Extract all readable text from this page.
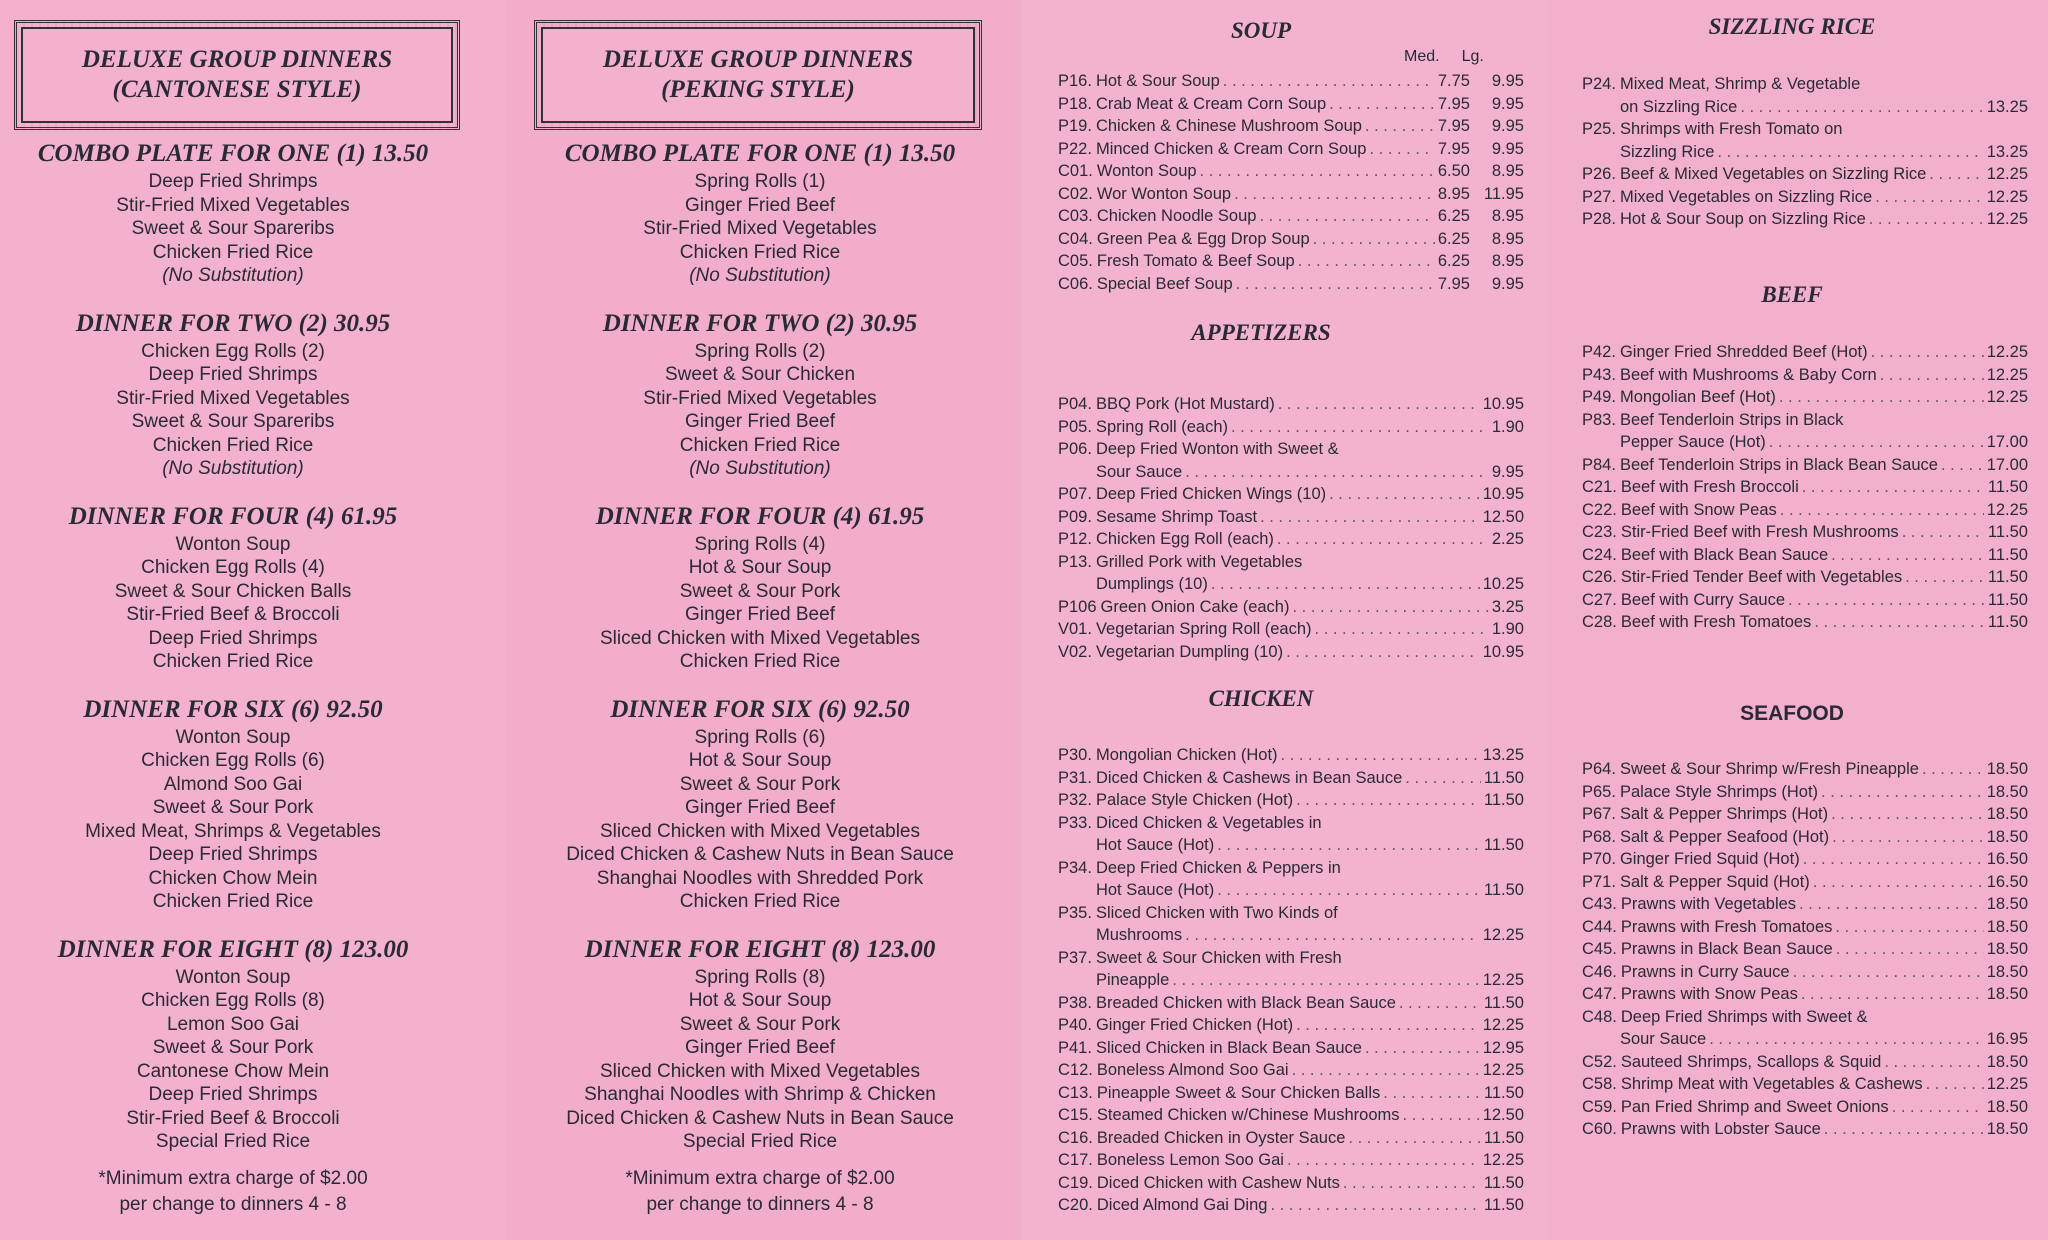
DELUXE GROUP DINNERS
(CANTONESE STYLE)
COMBO PLATE FOR ONE (1) 13.50
Deep Fried Shrimps
Stir-Fried Mixed Vegetables
Sweet & Sour Spareribs
Chicken Fried Rice
(No Substitution)
DINNER FOR TWO (2) 30.95
Chicken Egg Rolls (2)
Deep Fried Shrimps
Stir-Fried Mixed Vegetables
Sweet & Sour Spareribs
Chicken Fried Rice
(No Substitution)
DINNER FOR FOUR (4) 61.95
Wonton Soup
Chicken Egg Rolls (4)
Sweet & Sour Chicken Balls
Stir-Fried Beef & Broccoli
Deep Fried Shrimps
Chicken Fried Rice
DINNER FOR SIX (6) 92.50
Wonton Soup
Chicken Egg Rolls (6)
Almond Soo Gai
Sweet & Sour Pork
Mixed Meat, Shrimps & Vegetables
Deep Fried Shrimps
Chicken Chow Mein
Chicken Fried Rice
DINNER FOR EIGHT (8) 123.00
Wonton Soup
Chicken Egg Rolls (8)
Lemon Soo Gai
Sweet & Sour Pork
Cantonese Chow Mein
Deep Fried Shrimps
Stir-Fried Beef & Broccoli
Special Fried Rice
*Minimum extra charge of $2.00
per change to dinners 4 - 8
DELUXE GROUP DINNERS
(PEKING STYLE)
COMBO PLATE FOR ONE (1) 13.50
Spring Rolls (1)
Ginger Fried Beef
Stir-Fried Mixed Vegetables
Chicken Fried Rice
(No Substitution)
DINNER FOR TWO (2) 30.95
Spring Rolls (2)
Sweet & Sour Chicken
Stir-Fried Mixed Vegetables
Ginger Fried Beef
Chicken Fried Rice
(No Substitution)
DINNER FOR FOUR (4) 61.95
Spring Rolls (4)
Hot & Sour Soup
Sweet & Sour Pork
Ginger Fried Beef
Sliced Chicken with Mixed Vegetables
Chicken Fried Rice
DINNER FOR SIX (6) 92.50
Spring Rolls (6)
Hot & Sour Soup
Sweet & Sour Pork
Ginger Fried Beef
Sliced Chicken with Mixed Vegetables
Diced Chicken & Cashew Nuts in Bean Sauce
Shanghai Noodles with Shredded Pork
Chicken Fried Rice
DINNER FOR EIGHT (8) 123.00
Spring Rolls (8)
Hot & Sour Soup
Sweet & Sour Pork
Ginger Fried Beef
Sliced Chicken with Mixed Vegetables
Shanghai Noodles with Shrimp & Chicken
Diced Chicken & Cashew Nuts in Bean Sauce
Special Fried Rice
*Minimum extra charge of $2.00
per change to dinners 4 - 8
SOUP
Med. Lg.
P16. Hot & Sour Soup . . .	7.75	9.95
P18. Crab Meat & Cream Corn Soup . . .	7.95	9.95
P19. Chicken & Chinese Mushroom Soup . . .	7.95	9.95
P22. Minced Chicken & Cream Corn Soup . . .	7.95	9.95
C01. Wonton Soup . . .	6.50	8.95
C02. Wor Wonton Soup . . .	8.95 11.95
C03. Chicken Noodle Soup . . .	6.25	8.95
C04. Green Pea & Egg Drop Soup . . .	6.25	8.95
C05. Fresh Tomato & Beef Soup . . .	6.25	8.95
C06. Special Beef Soup . . .	7.95	9.95
APPETIZERS
P04. BBQ Pork (Hot Mustard) . . .	10.95
P05. Spring Roll (each) . . .	1.90
P06. Deep Fried Wonton with Sweet &
Sour Sauce . . .	9.95
P07. Deep Fried Chicken Wings (10) . . .	10.95
P09. Sesame Shrimp Toast . . .	12.50
P12. Chicken Egg Roll (each) . . .	2.25
P13. Grilled Pork with Vegetables
Dumplings (10) . . .	10.25
P106 Green Onion Cake (each) . . .	3.25
V01. Vegetarian Spring Roll (each) . . .	1.90
V02. Vegetarian Dumpling (10) . . .	10.95
CHICKEN
P30. Mongolian Chicken (Hot) . . .	13.25
P31. Diced Chicken & Cashews in Bean Sauce . . .	11.50
P32. Palace Style Chicken (Hot) . . .	11.50
P33. Diced Chicken & Vegetables in
Hot Sauce (Hot) . . .	11.50
P34. Deep Fried Chicken & Peppers in
Hot Sauce (Hot) . . .	11.50
P35. Sliced Chicken with Two Kinds of
Mushrooms . . .	12.25
P37. Sweet & Sour Chicken with Fresh
Pineapple . . .	12.25
P38. Breaded Chicken with Black Bean Sauce . . .	11.50
P40. Ginger Fried Chicken (Hot) . . .	12.25
P41. Sliced Chicken in Black Bean Sauce . . .	12.95
C12. Boneless Almond Soo Gai . . .	12.25
C13. Pineapple Sweet & Sour Chicken Balls . . .	11.50
C15. Steamed Chicken w/Chinese Mushrooms . . .	12.50
C16. Breaded Chicken in Oyster Sauce . . .	11.50
C17. Boneless Lemon Soo Gai . . .	12.25
C19. Diced Chicken with Cashew Nuts . . .	11.50
C20. Diced Almond Gai Ding . . .	11.50
SIZZLING RICE
P24. Mixed Meat, Shrimp & Vegetable
on Sizzling Rice . . .	13.25
P25. Shrimps with Fresh Tomato on
Sizzling Rice . . .	13.25
P26. Beef & Mixed Vegetables on Sizzling Rice . . .	12.25
P27. Mixed Vegetables on Sizzling Rice . . .	12.25
P28. Hot & Sour Soup on Sizzling Rice . . .	12.25
BEEF
P42. Ginger Fried Shredded Beef (Hot) . . .	12.25
P43. Beef with Mushrooms & Baby Corn . . .	12.25
P49. Mongolian Beef (Hot) . . .	12.25
P83. Beef Tenderloin Strips in Black
Pepper Sauce (Hot) . . .	17.00
P84. Beef Tenderloin Strips in Black Bean Sauce . . .	17.00
C21. Beef with Fresh Broccoli . . .	11.50
C22. Beef with Snow Peas . . .	12.25
C23. Stir-Fried Beef with Fresh Mushrooms . . .	11.50
C24. Beef with Black Bean Sauce . . .	11.50
C26. Stir-Fried Tender Beef with Vegetables . . .	11.50
C27. Beef with Curry Sauce . . .	11.50
C28. Beef with Fresh Tomatoes . . .	11.50
SEAFOOD
P64. Sweet & Sour Shrimp w/Fresh Pineapple . . .	18.50
P65. Palace Style Shrimps (Hot) . . .	18.50
P67. Salt & Pepper Shrimps (Hot) . . .	18.50
P68. Salt & Pepper Seafood (Hot) . . .	18.50
P70. Ginger Fried Squid (Hot) . . .	16.50
P71. Salt & Pepper Squid (Hot) . . .	16.50
C43. Prawns with Vegetables . . .	18.50
C44. Prawns with Fresh Tomatoes . . .	18.50
C45. Prawns in Black Bean Sauce . . .	18.50
C46. Prawns in Curry Sauce . . .	18.50
C47. Prawns with Snow Peas . . .	18.50
C48. Deep Fried Shrimps with Sweet &
Sour Sauce . . .	16.95
C52. Sauteed Shrimps, Scallops & Squid . . .	18.50
C58. Shrimp Meat with Vegetables & Cashews . . .	12.25
C59. Pan Fried Shrimp and Sweet Onions . . .	18.50
C60. Prawns with Lobster Sauce . . .	18.50
